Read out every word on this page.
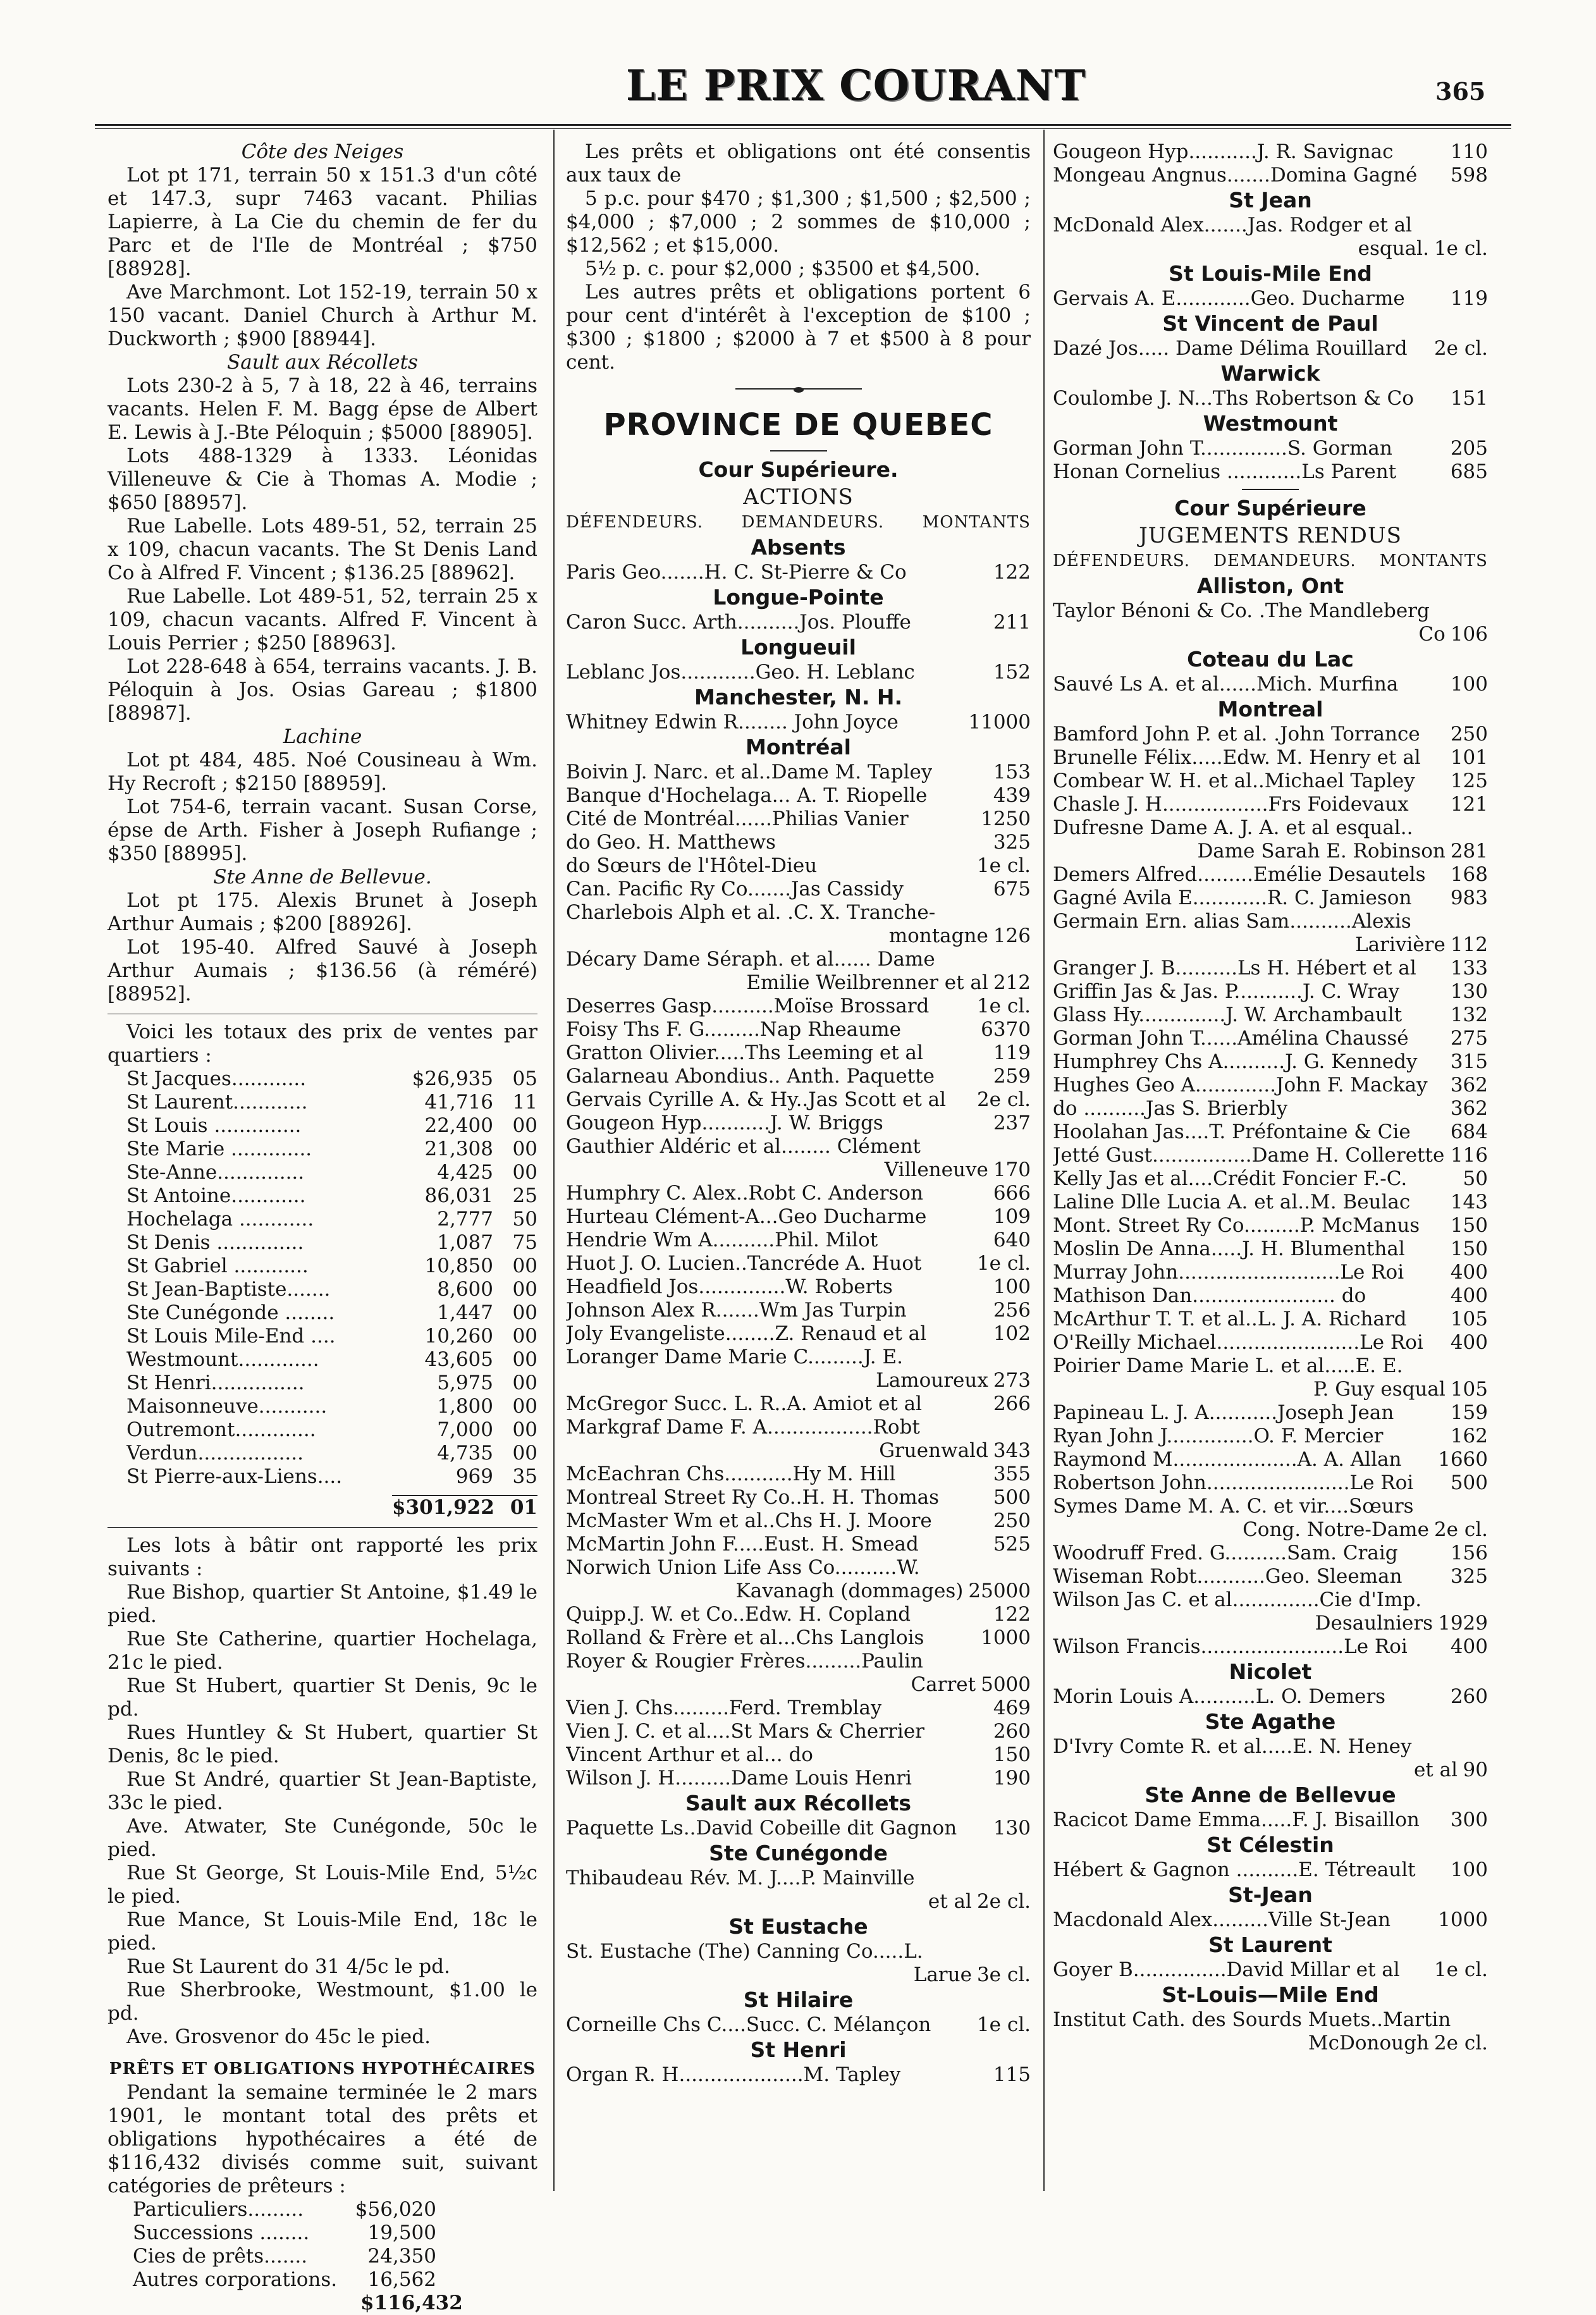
LE PRIX COURANT	365
Côte des Neiges

Lot pt 171, terrain 50 x 151.3 d'un côté et 147.3, supr 7463 vacant. Philias Lapierre, à La Cie du chemin de fer du Parc et de l'Ile de Montréal ; $750 [88928].

Ave Marchmont. Lot 152-19, terrain 50 x 150 vacant. Daniel Church à Arthur M. Duckworth ; $900 [88944].

Sault aux Récollets

Lots 230-2 à 5, 7 à 18, 22 à 46, terrains vacants. Helen F. M. Bagg épse de Albert E. Lewis à J.-Bte Péloquin ; $5000 [88905].

Lots 488-1329 à 1333. Léonidas Villeneuve & Cie à Thomas A. Modie ; $650 [88957].

Rue Labelle. Lots 489-51, 52, terrain 25 x 109, chacun vacants. The St Denis Land Co à Alfred F. Vincent ; $136.25 [88962].

Rue Labelle. Lot 489-51, 52, terrain 25 x 109, chacun vacants. Alfred F. Vincent à Louis Perrier ; $250 [88963].

Lot 228-648 à 654, terrains vacants. J. B. Péloquin à Jos. Osias Gareau ; $1800 [88987].

Lachine

Lot pt 484, 485. Noé Cousineau à Wm. Hy Recroft ; $2150 [88959].

Lot 754-6, terrain vacant. Susan Corse, épse de Arth. Fisher à Joseph Rufiange ; $350 [88995].

Ste Anne de Bellevue.

Lot pt 175. Alexis Brunet à Joseph Arthur Aumais ; $200 [88926].

Lot 195-40. Alfred Sauvé à Joseph Arthur Aumais ; $136.56 (à réméré) [88952].

Voici les totaux des prix de ventes par quartiers :

St Jacques............	$26,935 05
St Laurent............	41,716 11
St Louis ..............	22,400 00
Ste Marie .............	21,308 00
Ste-Anne..............	4,425 00
St Antoine............	86,031 25
Hochelaga ............	2,777 50
St Denis ..............	1,087 75
St Gabriel ............	10,850 00
St Jean-Baptiste.......	8,600 00
Ste Cunégonde ........	1,447 00
St Louis Mile-End ....	10,260 00
Westmount.............	43,605 00
St Henri...............	5,975 00
Maisonneuve...........	1,800 00
Outremont.............	7,000 00
Verdun.................	4,735 00
St Pierre-aux-Liens....	969 35
$301,922 01

Les lots à bâtir ont rapporté les prix suivants :

Rue Bishop, quartier St Antoine, $1.49 le pied.

Rue Ste Catherine, quartier Hochelaga, 21c le pied.

Rue St Hubert, quartier St Denis, 9c le pd.

Rues Huntley & St Hubert, quartier St Denis, 8c le pied.

Rue St André, quartier St Jean-Baptiste, 33c le pied.

Ave. Atwater, Ste Cunégonde, 50c le pied.

Rue St George, St Louis-Mile End, 5½c le pied.

Rue Mance, St Louis-Mile End, 18c le pied.

Rue St Laurent do 31 4/5c le pd.

Rue Sherbrooke, Westmount, $1.00 le pd.

Ave. Grosvenor do 45c le pied.

PRÊTS ET OBLIGATIONS HYPOTHÉCAIRES

Pendant la semaine terminée le 2 mars 1901, le montant total des prêts et obligations hypothécaires a été de $116,432 divisés comme suit, suivant catégories de prêteurs :

Particuliers.........	$56,020
Successions ........	19,500
Cies de prêts.......	24,350
Autres corporations.	16,562
$116,432

Les prêts et obligations ont été consentis aux taux de

5 p.c. pour $470 ; $1,300 ; $1,500 ; $2,500 ; $4,000 ; $7,000 ; 2 sommes de $10,000 ; $12,562 ; et $15,000.

5½ p. c. pour $2,000 ; $3500 et $4,500.

Les autres prêts et obligations portent 6 pour cent d'intérêt à l'exception de $100 ; $300 ; $1800 ; $2000 à 7 et $500 à 8 pour cent.

PROVINCE DE QUEBEC
Cour Supérieure.
ACTIONS
DÉFENDEURS. DEMANDEURS. MONTANTS
Absents
Paris Geo.......H. C. St-Pierre & Co	122
Longue-Pointe
Caron Succ. Arth..........Jos. Plouffe	211
Longueuil
Leblanc Jos............Geo. H. Leblanc	152
Manchester, N. H.
Whitney Edwin R........ John Joyce	11000
Montréal
Boivin J. Narc. et al..Dame M. Tapley	153
Banque d'Hochelaga... A. T. Riopelle	439
Cité de Montréal......Philias Vanier	1250
do Geo. H. Matthews	325
do Sœurs de l'Hôtel-Dieu	1e cl.
Can. Pacific Ry Co.......Jas Cassidy	675
Charlebois Alph et al. .C. X. Tranche-
montagne 126
Décary Dame Séraph. et al...... Dame
Emilie Weilbrenner et al 212
Deserres Gasp..........Moïse Brossard 1e cl.
Foisy Ths F. G.........Nap Rheaume	6370
Gratton Olivier.....Ths Leeming et al	119
Galarneau Abondius.. Anth. Paquette	259
Gervais Cyrille A. & Hy..Jas Scott et al 2e cl.
Gougeon Hyp...........J. W. Briggs	237
Gauthier Aldéric et al........ Clément
Villeneuve 170
Humphry C. Alex..Robt C. Anderson	666
Hurteau Clément-A...Geo Ducharme	109
Hendrie Wm A..........Phil. Milot	640
Huot J. O. Lucien..Tancréde A. Huot	1e cl.
Headfield Jos..............W. Roberts	100
Johnson Alex R.......Wm Jas Turpin	256
Joly Evangeliste........Z. Renaud et al	102
Loranger Dame Marie C.........J. E.
Lamoureux 273
McGregor Succ. L. R..A. Amiot et al	266
Markgraf Dame F. A.................Robt
Gruenwald 343
McEachran Chs...........Hy M. Hill	355
Montreal Street Ry Co..H. H. Thomas	500
McMaster Wm et al..Chs H. J. Moore	250
McMartin John F.....Eust. H. Smead	525
Norwich Union Life Ass Co..........W.
Kavanagh (dommages) 25000
Quipp.J. W. et Co..Edw. H. Copland	122
Rolland & Frère et al...Chs Langlois	1000
Royer & Rougier Frères.........Paulin
Carret 5000
Vien J. Chs.........Ferd. Tremblay	469
Vien J. C. et al....St Mars & Cherrier	260
Vincent Arthur et al... do	150
Wilson J. H.........Dame Louis Henri	190
Sault aux Récollets
Paquette Ls..David Cobeille dit Gagnon 130
Ste Cunégonde
Thibaudeau Rév. M. J....P. Mainville
et al 2e cl.
St Eustache
St. Eustache (The) Canning Co.....L.
Larue 3e cl.
St Hilaire
Corneille Chs C....Succ. C. Mélançon 1e cl.
St Henri
Organ R. H....................M. Tapley	115
Gougeon Hyp...........J. R. Savignac	110
Mongeau Angnus.......Domina Gagné 598
St Jean
McDonald Alex.......Jas. Rodger et al
esqual. 1e cl.
St Louis-Mile End
Gervais A. E............Geo. Ducharme 119
St Vincent de Paul
Dazé Jos..... Dame Délima Rouillard 2e cl.
Warwick
Coulombe J. N...Ths Robertson & Co 151
Westmount
Gorman John T..............S. Gorman	205
Honan Cornelius ............Ls Parent	685
Cour Supérieure
JUGEMENTS RENDUS
DÉFENDEURS. DEMANDEURS. MONTANTS
Alliston, Ont
Taylor Bénoni & Co. .The Mandleberg
Co 106
Coteau du Lac
Sauvé Ls A. et al......Mich. Murfina	100
Montreal
Bamford John P. et al. .John Torrance 250
Brunelle Félix.....Edw. M. Henry et al 101
Combear W. H. et al..Michael Tapley 125
Chasle J. H.................Frs Foidevaux 121
Dufresne Dame A. J. A. et al esqual..
Dame Sarah E. Robinson 281
Demers Alfred.........Emélie Desautels 168
Gagné Avila E............R. C. Jamieson 983
Germain Ern. alias Sam..........Alexis
Larivière 112
Granger J. B..........Ls H. Hébert et al 133
Griffin Jas & Jas. P...........J. C. Wray	130
Glass Hy..............J. W. Archambault 132
Gorman John T......Amélina Chaussé 275
Humphrey Chs A..........J. G. Kennedy 315
Hughes Geo A.............John F. Mackay 362
do ..........Jas S. Brierbly	362
Hoolahan Jas....T. Préfontaine & Cie 684
Jetté Gust................Dame H. Collerette 116
Kelly Jas et al....Crédit Foncier F.-C.	50
Laline Dlle Lucia A. et al..M. Beulac 143
Mont. Street Ry Co.........P. McManus 150
Moslin De Anna.....J. H. Blumenthal 150
Murray John..........................Le Roi 400
Mathison Dan....................... do	400
McArthur T. T. et al..L. J. A. Richard 105
O'Reilly Michael.......................Le Roi 400
Poirier Dame Marie L. et al.....E. E.
P. Guy esqual 105
Papineau L. J. A...........Joseph Jean	159
Ryan John J..............O. F. Mercier	162
Raymond M....................A. A. Allan 1660
Robertson John.......................Le Roi 500
Symes Dame M. A. C. et vir....Sœurs
Cong. Notre-Dame 2e cl.
Woodruff Fred. G..........Sam. Craig	156
Wiseman Robt...........Geo. Sleeman 325
Wilson Jas C. et al..............Cie d'Imp.
Desaulniers 1929
Wilson Francis.......................Le Roi 400
Nicolet
Morin Louis A..........L. O. Demers	260
Ste Agathe
D'Ivry Comte R. et al.....E. N. Heney
et al 90
Ste Anne de Bellevue
Racicot Dame Emma.....F. J. Bisaillon 300
St Célestin
Hébert & Gagnon ..........E. Tétreault 100
St-Jean
Macdonald Alex.........Ville St-Jean 1000
St Laurent
Goyer B...............David Millar et al 1e cl.
St-Louis—Mile End
Institut Cath. des Sourds Muets..Martin
McDonough 2e cl.
